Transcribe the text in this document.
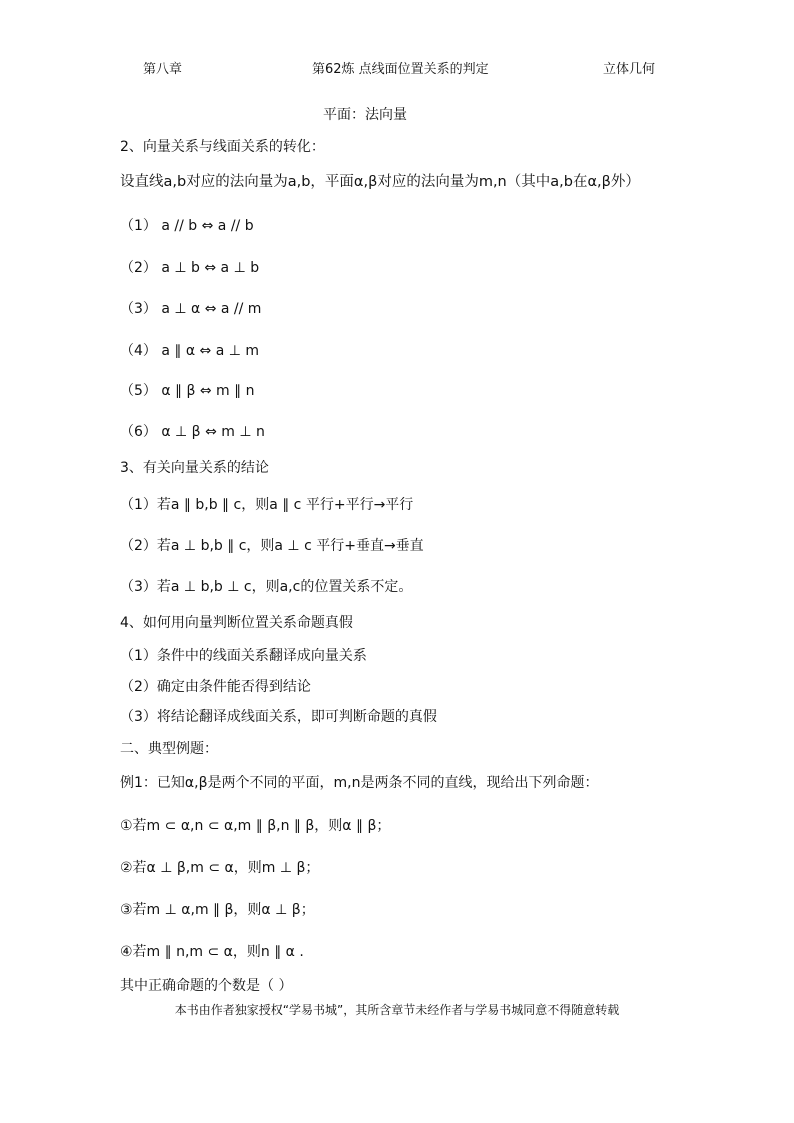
第八章	第62炼 点线面位置关系的判定	立体几何
平面：法向量
2、向量关系与线面关系的转化：
设直线a,b对应的法向量为a,b，平面α,β对应的法向量为m,n（其中a,b在α,β外）
（1） a // b ⇔ a // b
（2） a ⊥ b ⇔ a ⊥ b
（3） a ⊥ α ⇔ a // m
（4） a ∥ α ⇔ a ⊥ m
（5） α ∥ β ⇔ m ∥ n
（6） α ⊥ β ⇔ m ⊥ n
3、有关向量关系的结论
（1）若a ∥ b,b ∥ c，则a ∥ c 平行+平行→平行
（2）若a ⊥ b,b ∥ c，则a ⊥ c 平行+垂直→垂直
（3）若a ⊥ b,b ⊥ c，则a,c的位置关系不定。
4、如何用向量判断位置关系命题真假
（1）条件中的线面关系翻译成向量关系
（2）确定由条件能否得到结论
（3）将结论翻译成线面关系，即可判断命题的真假
二、典型例题：
例1：已知α,β是两个不同的平面，m,n是两条不同的直线，现给出下列命题：
①若m ⊂ α,n ⊂ α,m ∥ β,n ∥ β，则α ∥ β；
②若α ⊥ β,m ⊂ α，则m ⊥ β；
③若m ⊥ α,m ∥ β，则α ⊥ β；
④若m ∥ n,m ⊂ α，则n ∥ α .
其中正确命题的个数是（ ）
本书由作者独家授权“学易书城”，其所含章节未经作者与学易书城同意不得随意转载
